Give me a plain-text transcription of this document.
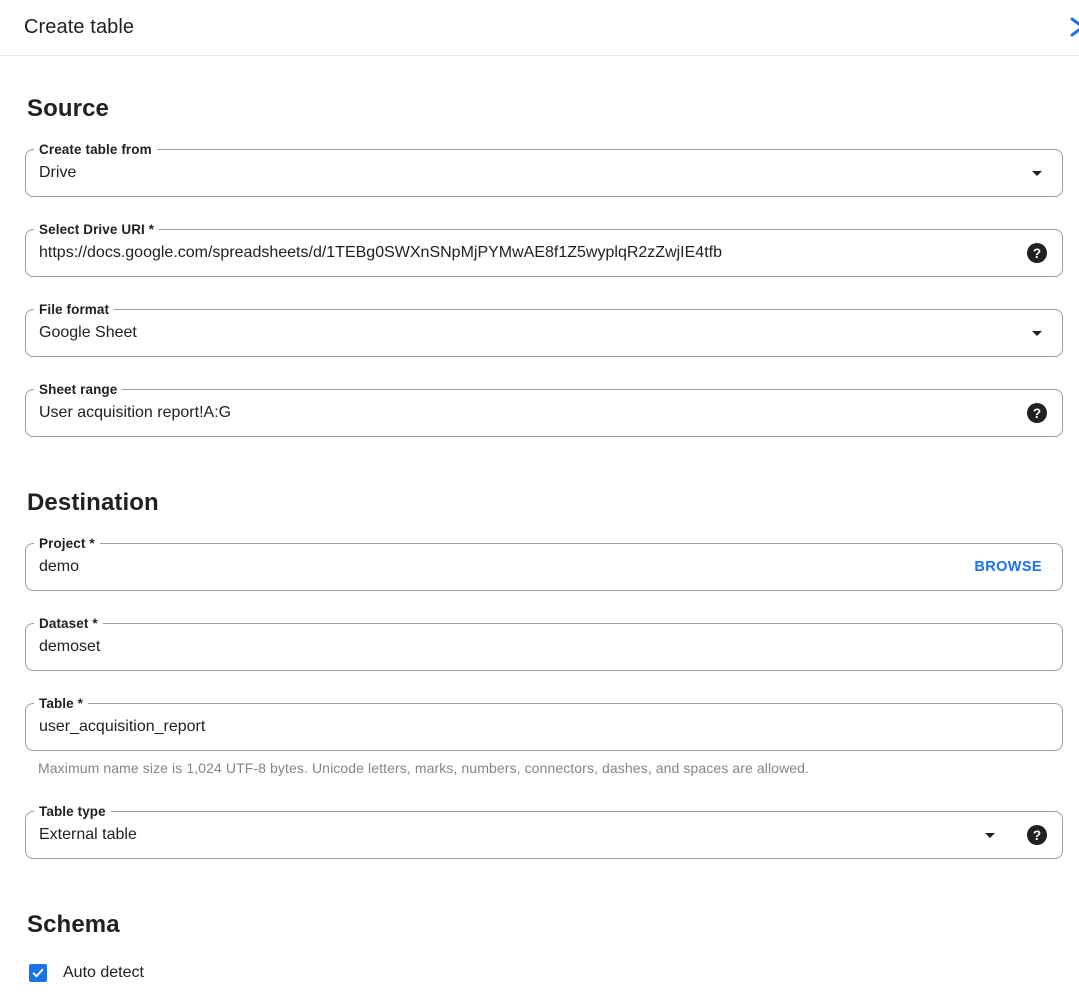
Create table
Source
Create table from
Drive
Select Drive URI *
https://docs.google.com/spreadsheets/d/1TEBg0SWXnSNpMjPYMwAE8f1Z5wyplqR2zZwjIE4tfb
?
File format
Google Sheet
Sheet range
User acquisition report!A:G
?
Destination
Project *
demo
BROWSE
Dataset *
demoset
Table *
user_acquisition_report
Maximum name size is 1,024 UTF-8 bytes. Unicode letters, marks, numbers, connectors, dashes, and spaces are allowed.
Table type
External table	?
Schema
Auto detect
